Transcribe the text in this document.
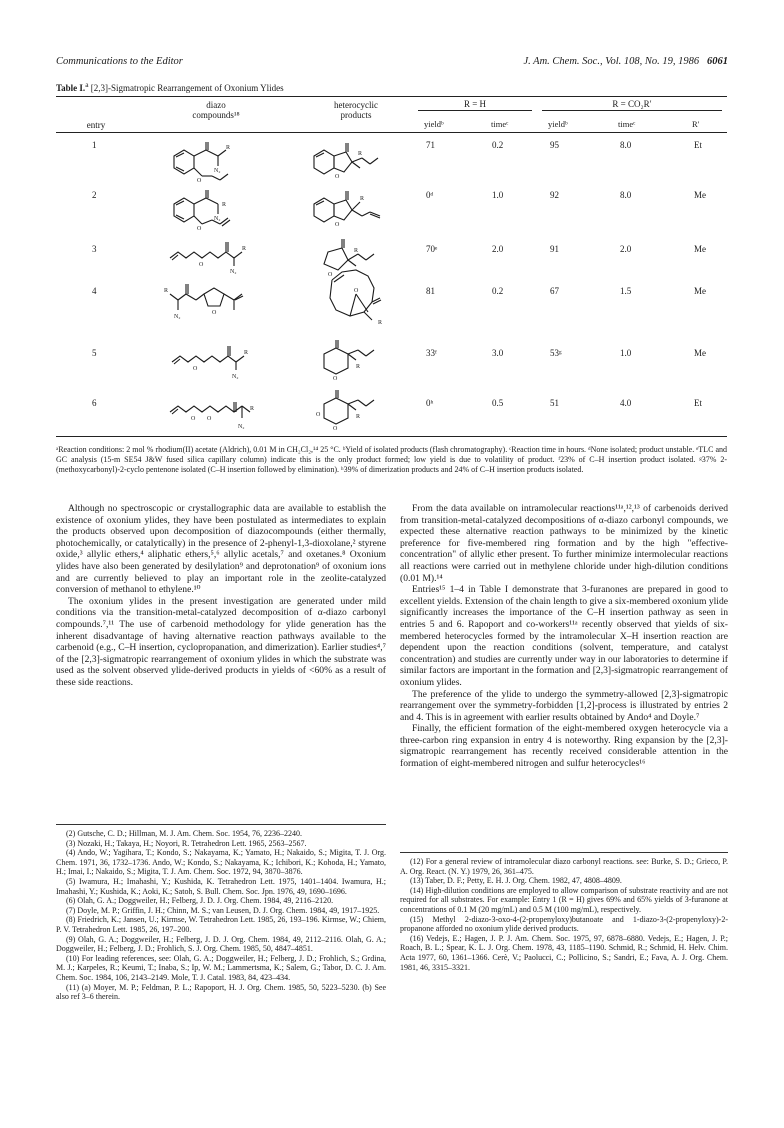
Communications to the Editor	J. Am. Chem. Soc., Vol. 108, No. 19, 1986 6061
Table I.$^a$ [2,3]-Sigmatropic Rearrangement of Oxonium Ylides
entry
diazo
compounds¹⁸
heterocyclic
products
R = H	R = CO₂R′
yieldᵇ	timeᶜ	yieldᵇ	timeᶜ	R′
1	R
N₂
O
R
O
71	0.2	95	8.0	Et
2
R
N₂
O
R
O
0ᵈ	1.0	92	8.0	Me
3	R
N₂
O
R
O
70ᵉ	2.0	91	2.0	Me
4	R
N₂
O
R
O	81	0.2	67	1.5	Me
5	R
N₂
O	R
O
33ᶠ	3.0	53ᵍ	1.0	Me
6
R
N₂
O O	R
O
O
0ʰ	0.5	51	4.0	Et
ᵃReaction conditions: 2 mol % rhodium(II) acetate (Aldrich), 0.01 M in CH₂Cl₂,¹⁴ 25 °C. ᵇYield of isolated products (flash chromatography). ᶜReaction time in hours. ᵈNone isolated; product unstable. ᵉTLC and GC analysis (15-m SE54 J&W fused silica capillary column) indicate this is the only product formed; low yield is due to volatility of product. ᶠ23% of C–H insertion product isolated. ᵍ37% 2-(methoxycarbonyl)-2-cyclo pentenone isolated (C–H insertion followed by elimination). ʰ39% of dimerization products and 24% of C–H insertion products isolated.

Although no spectroscopic or crystallographic data are available to establish the existence of oxonium ylides, they have been postulated as intermediates to explain the products observed upon decomposition of diazocompounds (either thermally, photochemically, or catalytically) in the presence of 2-phenyl-1,3-dioxolane,² styrene oxide,³ allylic ethers,⁴ aliphatic ethers,⁵,⁶ allylic acetals,⁷ and oxetanes.⁸ Oxonium ylides have also been generated by desilylation⁹ and deprotonation⁹ of oxonium ions and are currently believed to play an important role in the zeolite-catalyzed conversion of methanol to ethylene.¹⁰

The oxonium ylides in the present investigation are generated under mild conditions via the transition-metal-catalyzed decomposition of α-diazo carbonyl compounds.⁷,¹¹ The use of carbenoid methodology for ylide generation has the inherent disadvantage of having alternative reaction pathways available to the carbenoid (e.g., C–H insertion, cyclopropanation, and dimerization). Earlier studies⁴,⁷ of the [2,3]-sigmatropic rearrangement of oxonium ylides in which the substrate was used as the solvent observed ylide-derived products in yields of <60% as a result of these side reactions.

From the data available on intramolecular reactions¹¹ᵃ,¹²,¹³ of carbenoids derived from transition-metal-catalyzed decompositions of α-diazo carbonyl compounds, we expected these alternative reaction pathways to be minimized by the kinetic preference for five-membered ring formation and by the high "effective-concentration" of allylic ether present. To further minimize intermolecular reactions all reactions were carried out in methylene chloride under high-dilution conditions (0.01 M).¹⁴

Entries¹⁵ 1–4 in Table I demonstrate that 3-furanones are prepared in good to excellent yields. Extension of the chain length to give a six-membered oxonium ylide significantly increases the importance of the C–H insertion pathway as seen in entries 5 and 6. Rapoport and co-workers¹¹ᵃ recently observed that yields of six-membered heterocycles formed by the intramolecular X–H insertion reaction are dependent upon the reaction conditions (solvent, temperature, and catalyst concentration) and studies are currently under way in our laboratories to determine if similar factors are important in the formation and [2,3]-sigmatropic rearrangement of oxonium ylides.

The preference of the ylide to undergo the symmetry-allowed [2,3]-sigmatropic rearrangement over the symmetry-forbidden [1,2]-process is illustrated by entries 2 and 4. This is in agreement with earlier results obtained by Ando⁴ and Doyle.⁷

Finally, the efficient formation of the eight-membered oxygen heterocycle via a three-carbon ring expansion in entry 4 is noteworthy. Ring expansion by the [2,3]-sigmatropic rearrangement has recently received considerable attention in the formation of eight-membered nitrogen and sulfur heterocycles¹⁶

(2) Gutsche, C. D.; Hillman, M. J. Am. Chem. Soc. 1954, 76, 2236–2240.
(3) Nozaki, H.; Takaya, H.; Noyori, R. Tetrahedron Lett. 1965, 2563–2567.
(4) Ando, W.; Yagihara, T.; Kondo, S.; Nakayama, K.; Yamato, H.; Nakaido, S.; Migita, T. J. Org. Chem. 1971, 36, 1732–1736. Ando, W.; Kondo, S.; Nakayama, K.; Ichibori, K.; Kohoda, H.; Yamato, H.; Imai, I.; Nakaido, S.; Migita, T. J. Am. Chem. Soc. 1972, 94, 3870–3876.
(5) Iwamura, H.; Imahashi, Y.; Kushida, K. Tetrahedron Lett. 1975, 1401–1404. Iwamura, H.; Imahashi, Y.; Kushida, K.; Aoki, K.; Satoh, S. Bull. Chem. Soc. Jpn. 1976, 49, 1690–1696.
(6) Olah, G. A.; Doggweiler, H.; Felberg, J. D. J. Org. Chem. 1984, 49, 2116–2120.
(7) Doyle, M. P.; Griffin, J. H.; Chinn, M. S.; van Leusen, D. J. Org. Chem. 1984, 49, 1917–1925.
(8) Friedrich, K.; Jansen, U.; Kirmse, W. Tetrahedron Lett. 1985, 26, 193–196. Kirmse, W.; Chiem, P. V. Tetrahedron Lett. 1985, 26, 197–200.
(9) Olah, G. A.; Doggweiler, H.; Felberg, J. D. J. Org. Chem. 1984, 49, 2112–2116. Olah, G. A.; Doggweiler, H.; Felberg, J. D.; Frohlich, S. J. Org. Chem. 1985, 50, 4847–4851.
(10) For leading references, see: Olah, G. A.; Doggweiler, H.; Felberg, J. D.; Frohlich, S.; Grdina, M. J.; Karpeles, R.; Keumi, T.; Inaba, S.; Ip, W. M.; Lammertsma, K.; Salem, G.; Tabor, D. C. J. Am. Chem. Soc. 1984, 106, 2143–2149. Mole, T. J. Catal. 1983, 84, 423–434.
(11) (a) Moyer, M. P.; Feldman, P. L.; Rapoport, H. J. Org. Chem. 1985, 50, 5223–5230. (b) See also ref 3–6 therein.
(12) For a general review of intramolecular diazo carbonyl reactions. see: Burke, S. D.; Grieco, P. A. Org. React. (N. Y.) 1979, 26, 361–475.
(13) Taber, D. F.; Petty, E. H. J. Org. Chem. 1982, 47, 4808–4809.
(14) High-dilution conditions are employed to allow comparison of substrate reactivity and are not required for all substrates. For example: Entry 1 (R = H) gives 69% and 65% yields of 3-furanone at concentrations of 0.1 M (20 mg/mL) and 0.5 M (100 mg/mL), respectively.
(15) Methyl 2-diazo-3-oxo-4-(2-propenyloxy)butanoate and 1-diazo-3-(2-propenyloxy)-2-propanone afforded no oxonium ylide derived products.
(16) Vedejs, E.; Hagen, J. P. J. Am. Chem. Soc. 1975, 97, 6878–6880. Vedejs, E.; Hagen, J. P.; Roach, B. L.; Spear, K. L. J. Org. Chem. 1978, 43, 1185–1190. Schmid, R.; Schmid, H. Helv. Chim. Acta 1977, 60, 1361–1366. Cerè, V.; Paolucci, C.; Pollicino, S.; Sandri, E.; Fava, A. J. Org. Chem. 1981, 46, 3315–3321.
